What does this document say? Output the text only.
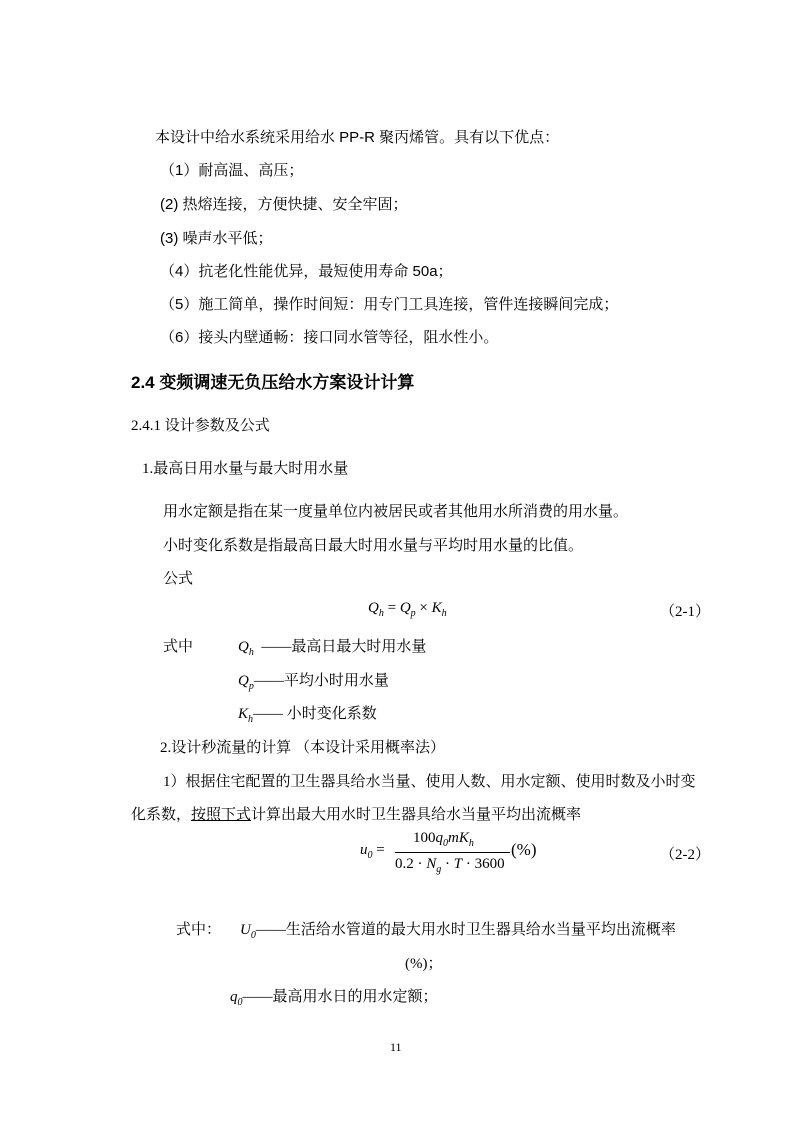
本设计中给水系统采用给水 PP-R 聚丙烯管。具有以下优点：
（1）耐高温、高压；
(2) 热熔连接，方便快捷、安全牢固；
(3) 噪声水平低；
（4）抗老化性能优异，最短使用寿命 50a；
（5）施工简单，操作时间短：用专门工具连接，管件连接瞬间完成；
（6）接头内壁通畅：接口同水管等径，阻水性小。
2.4 变频调速无负压给水方案设计计算
2.4.1 设计参数及公式
1.最高日用水量与最大时用水量
用水定额是指在某一度量单位内被居民或者其他用水所消费的用水量。
小时变化系数是指最高日最大时用水量与平均时用水量的比值。
公式
$Q_h = Q_p \times K_h$	（2-1）
式中	$Q_h$ ——最高日最大时用水量
$Q_p——$平均小时用水量
$K_h——$ 小时变化系数
2.设计秒流量的计算 （本设计采用概率法）
1）根据住宅配置的卫生器具给水当量、使用人数、用水定额、使用时数及小时变
化系数，按照下式计算出最大用水时卫生器具给水当量平均出流概率
$u_0$ =
$100q_0mK_h$
$0.2 \cdot N_g \cdot T \cdot 3600$
(%)	（2-2）
式中： $U_0——$生活给水管道的最大用水时卫生器具给水当量平均出流概率
(%)；
$q_0——$最高用水日的用水定额；
11
